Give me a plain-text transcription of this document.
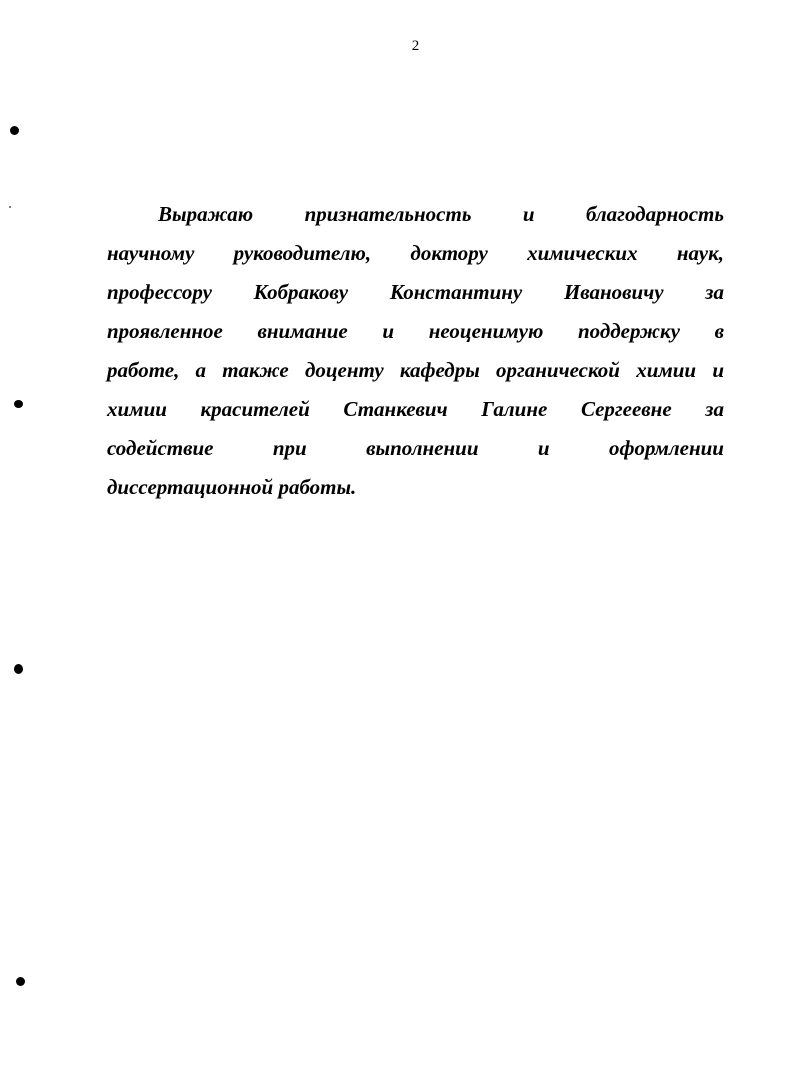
2
Выражаю признательность и благодарность
научному руководителю, доктору химических наук,
профессору Кобракову Константину Ивановичу за
проявленное внимание и неоценимую поддержку в
работе, а также доценту кафедры органической химии и
химии красителей Станкевич Галине Сергеевне за
содействие	при	выполнении	и	оформлении
диссертационной
работы.
